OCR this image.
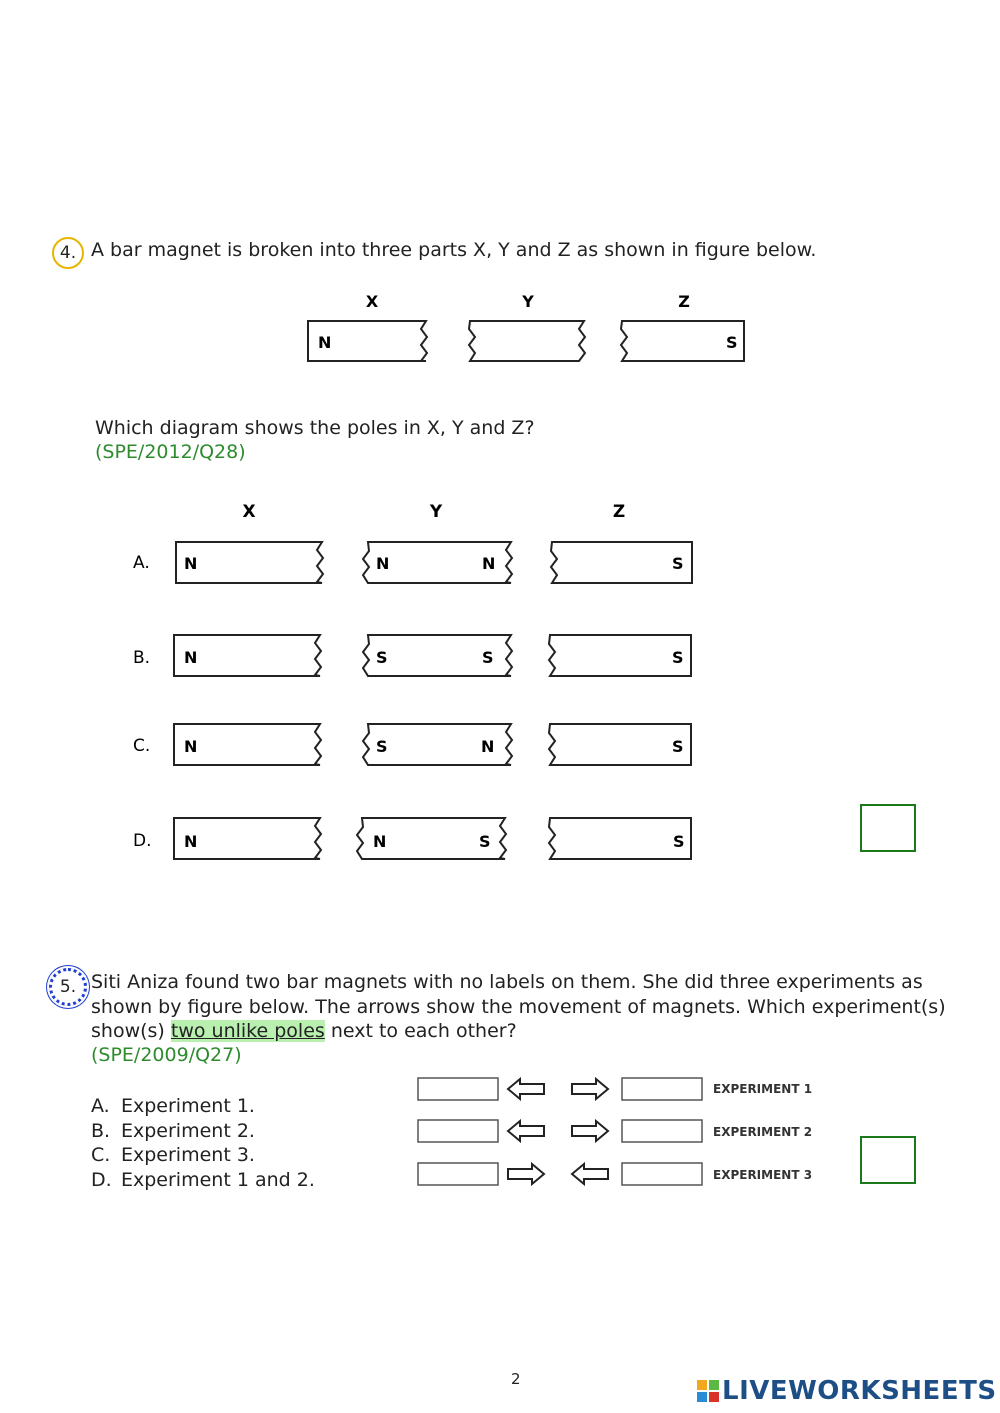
4. A bar magnet is broken into three parts X, Y and Z as shown in figure below.
X	Y	Z
N	S
Which diagram shows the poles in X, Y and Z?
(SPE/2012/Q28)
X	Y	Z
A. N	N	N	S
B. N	S	S	S
C. N	S	N	S
D. N	N	S	S
5. Siti Aniza found two bar magnets with no labels on them. She did three experiments as
shown by figure below. The arrows show the movement of magnets. Which experiment(s)
show(s) two unlike poles next to each other?
(SPE/2009/Q27)
A. Experiment 1.
B. Experiment 2.
C. Experiment 3.
D. Experiment 1 and 2.
EXPERIMENT 1
EXPERIMENT 2
EXPERIMENT 3
2	LIVEWORKSHEETS
